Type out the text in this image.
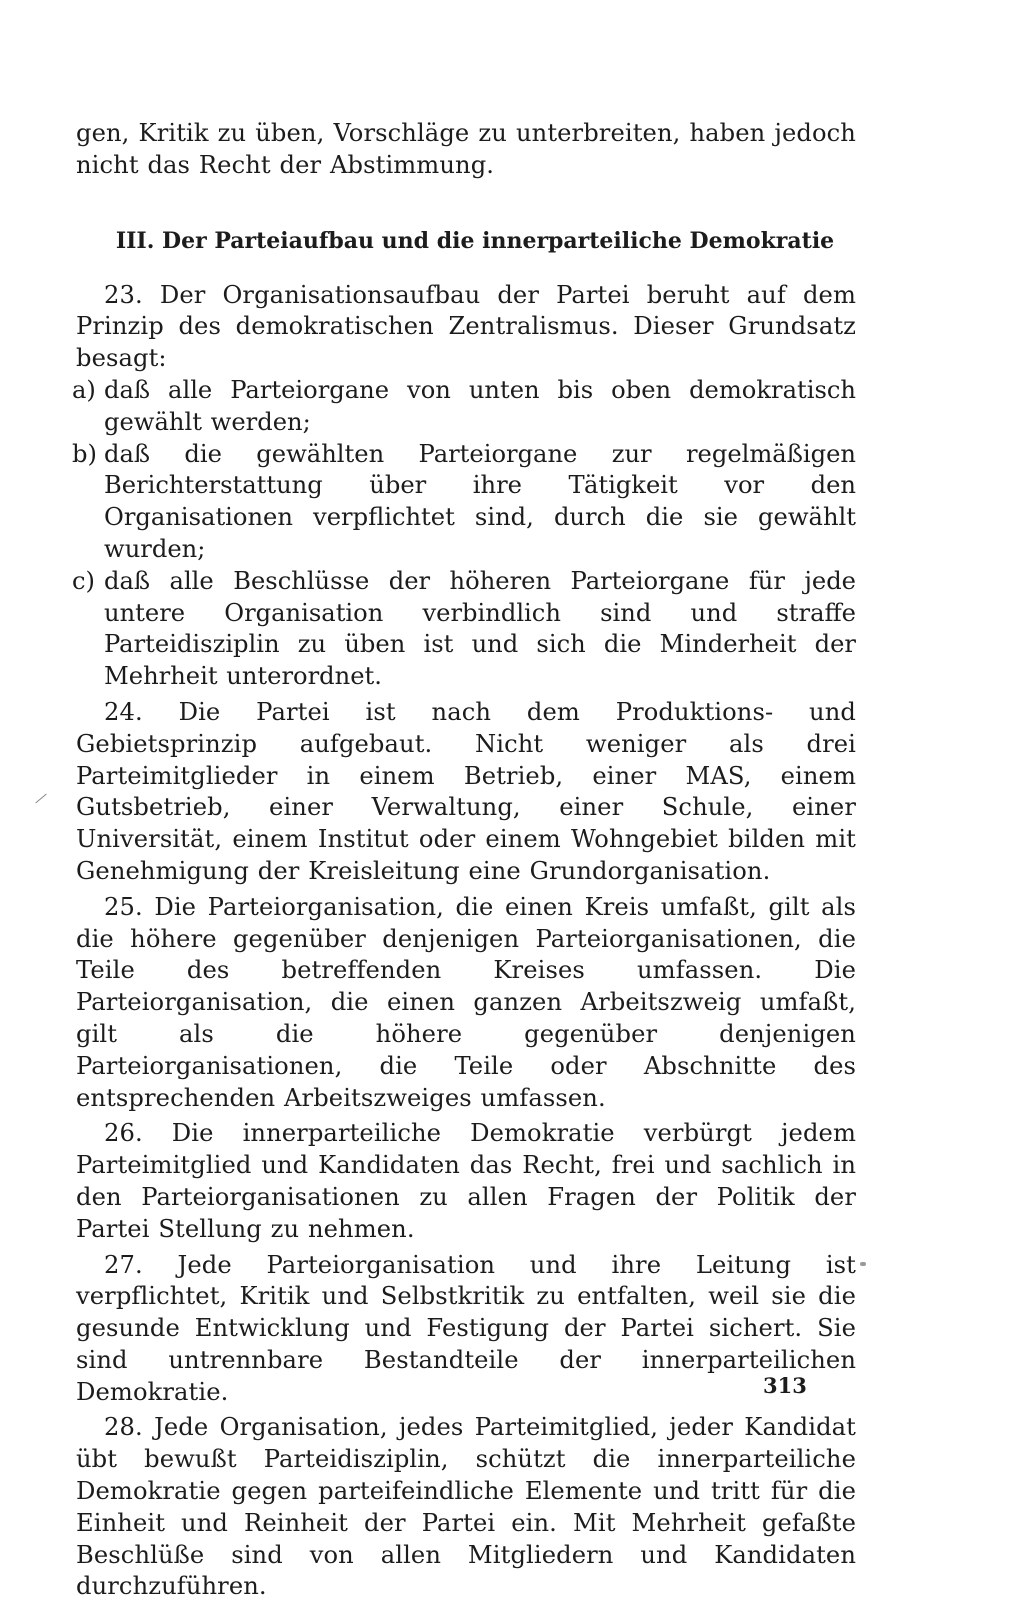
gen, Kritik zu üben, Vorschläge zu unterbreiten, haben jedoch nicht das Recht der Abstimmung.

III. Der Parteiaufbau und die innerparteiliche Demokratie

23. Der Organisationsaufbau der Partei beruht auf dem Prinzip des demokratischen Zentralismus. Dieser Grundsatz besagt:

a) daß alle Parteiorgane von unten bis oben demokratisch gewählt werden;
b) daß die gewählten Parteiorgane zur regelmäßigen Berichterstattung über ihre Tätigkeit vor den Organisationen verpflichtet sind, durch die sie gewählt wurden;
c) daß alle Beschlüsse der höheren Parteiorgane für jede untere Organisation verbindlich sind und straffe Parteidisziplin zu üben ist und sich die Minderheit der Mehrheit unterordnet.

24. Die Partei ist nach dem Produktions- und Gebietsprinzip aufgebaut. Nicht weniger als drei Parteimitglieder in einem Betrieb, einer MAS, einem Gutsbetrieb, einer Verwaltung, einer Schule, einer Universität, einem Institut oder einem Wohngebiet bilden mit Genehmigung der Kreisleitung eine Grundorganisation.

25. Die Parteiorganisation, die einen Kreis umfaßt, gilt als die höhere gegenüber denjenigen Parteiorganisationen, die Teile des betreffenden Kreises umfassen. Die Parteiorganisation, die einen ganzen Arbeitszweig umfaßt, gilt als die höhere gegenüber denjenigen Parteiorganisationen, die Teile oder Abschnitte des entsprechenden Arbeitszweiges umfassen.

26. Die innerparteiliche Demokratie verbürgt jedem Parteimitglied und Kandidaten das Recht, frei und sachlich in den Parteiorganisationen zu allen Fragen der Politik der Partei Stellung zu nehmen.

27. Jede Parteiorganisation und ihre Leitung ist verpflichtet, Kritik und Selbstkritik zu entfalten, weil sie die gesunde Entwicklung und Festigung der Partei sichert. Sie sind untrennbare Bestandteile der innerparteilichen Demokratie.

28. Jede Organisation, jedes Parteimitglied, jeder Kandidat übt bewußt Parteidisziplin, schützt die innerparteiliche Demokratie gegen parteifeindliche Elemente und tritt für die Einheit und Reinheit der Partei ein. Mit Mehrheit gefaßte Beschlüße sind von allen Mitgliedern und Kandidaten durchzuführen.

313
